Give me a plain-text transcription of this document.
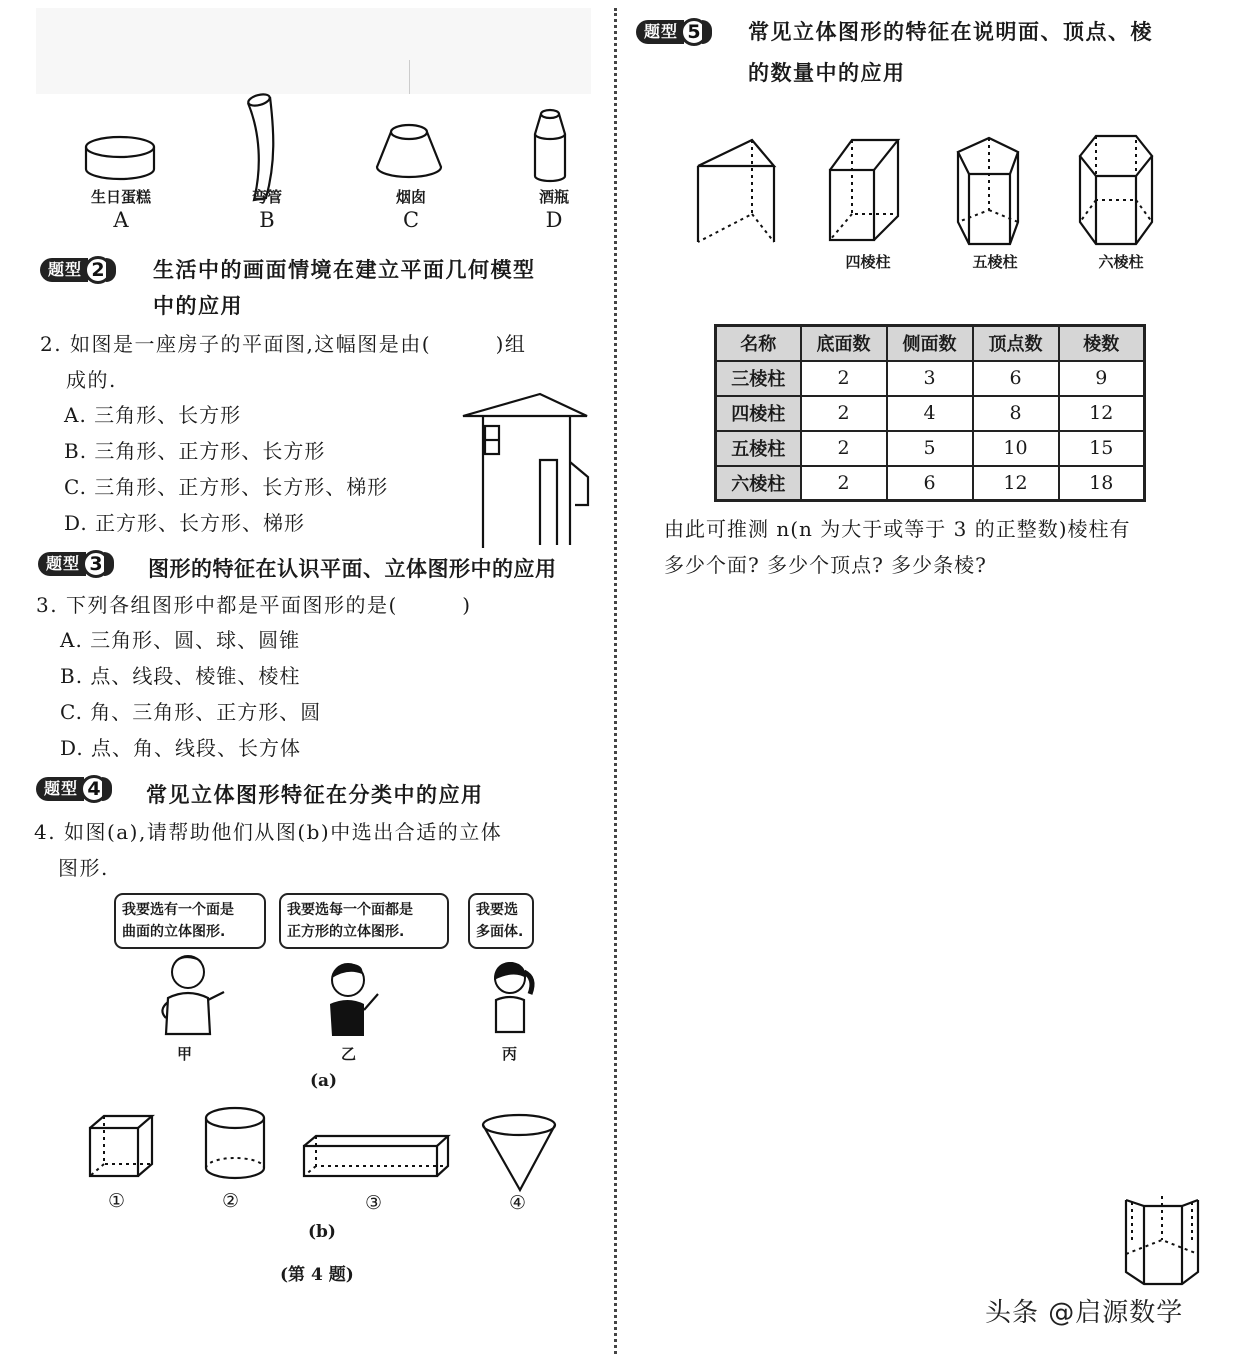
生日蛋糕
A
弯管
B
烟囱
C
酒瓶
D
题型 2	生活中的画面情境在建立平面几何模型
中的应用
2. 如图是一座房子的平面图,这幅图是由(　　　)组
成的.
A. 三角形、长方形
B. 三角形、正方形、长方形
C. 三角形、正方形、长方形、梯形
D. 正方形、长方形、梯形
题型 3	图形的特征在认识平面、立体图形中的应用
3. 下列各组图形中都是平面图形的是(　　　)
A. 三角形、圆、球、圆锥
B. 点、线段、棱锥、棱柱
C. 角、三角形、正方形、圆
D. 点、角、线段、长方体
题型 4	常见立体图形特征在分类中的应用
4. 如图(a),请帮助他们从图(b)中选出合适的立体
图形.
我要选有一个面是
曲面的立体图形.
我要选每一个面都是
正方形的立体图形.
我要选
多面体.
甲	乙	丙
(a)
①	②	③	④
(b)
(第 4 题)
题型 5	常见立体图形的特征在说明面、顶点、棱
的数量中的应用
四棱柱	五棱柱	六棱柱
名称	底面数	侧面数	顶点数	棱数
三棱柱	2	3	6	9
四棱柱	2	4	8	12
五棱柱	2	5	10	15
六棱柱	2	6	12	18
由此可推测 n(n 为大于或等于 3 的正整数)棱柱有
多少个面? 多少个顶点? 多少条棱?
头条 @启源数学
